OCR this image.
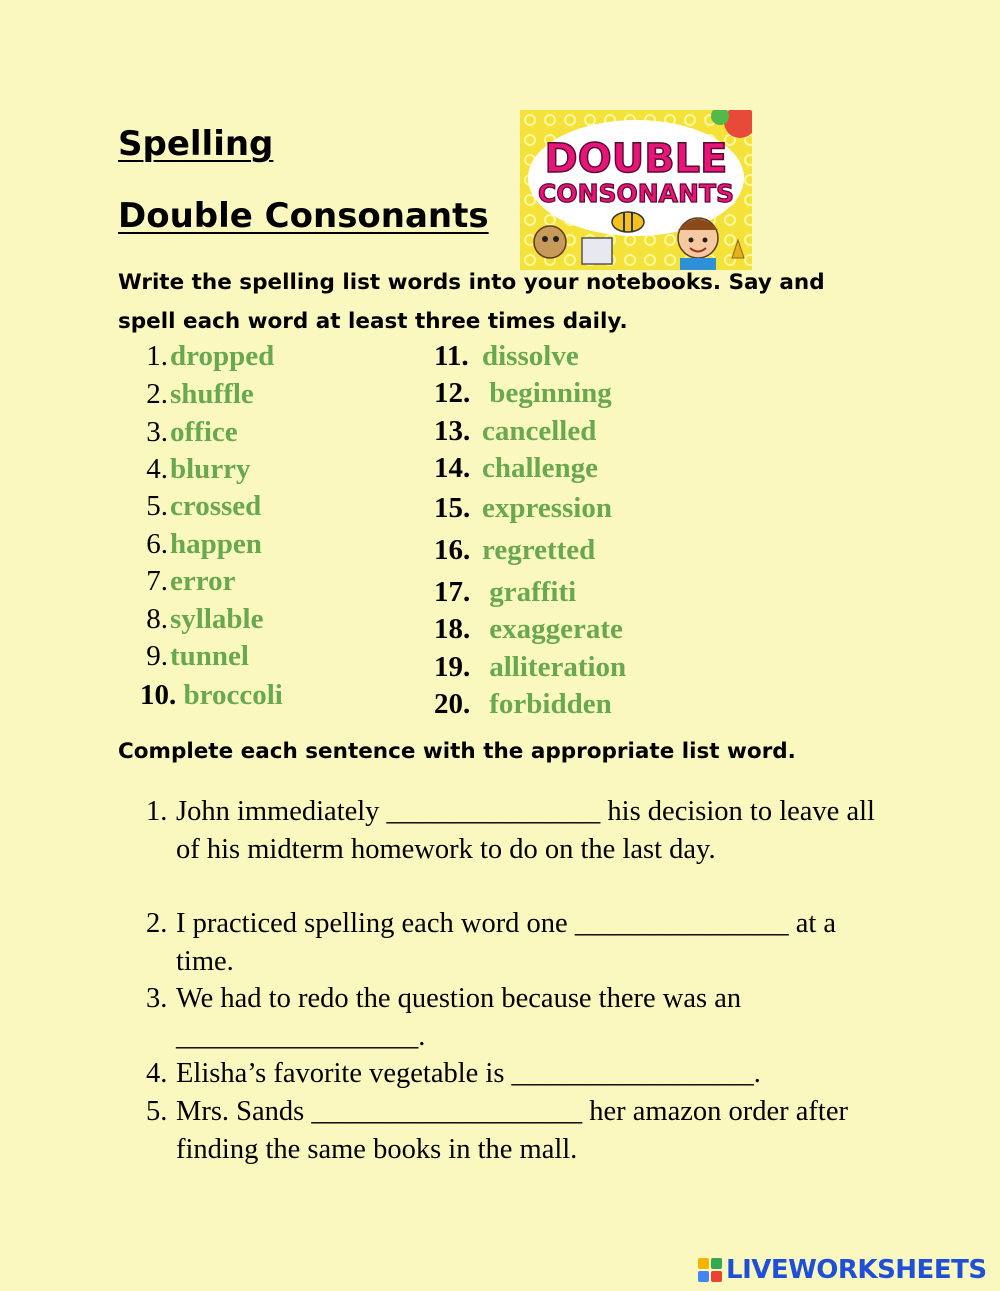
Spelling
Double Consonants
DOUBLE
CONSONANTS

Write the spelling list words into your notebooks. Say and
spell each word at least three times daily.

1.dropped
2.shuffle
3.office
4.blurry
5.crossed
6.happen
7.error
8.syllable
9.tunnel
10. broccoli
11. dissolve
12. beginning
13. cancelled
14. challenge
15. expression
16. regretted
17. graffiti
18. exaggerate
19. alliteration
20. forbidden

Complete each sentence with the appropriate list word.

1. John immediately _______________ his decision to leave all of his midterm homework to do on the last day.
2. I practiced spelling each word one _______________ at a time.
3. We had to redo the question because there was an _________________.
4. Elisha’s favorite vegetable is _________________.
5. Mrs. Sands ___________________ her amazon order after finding the same books in the mall.
LIVEWORKSHEETS
